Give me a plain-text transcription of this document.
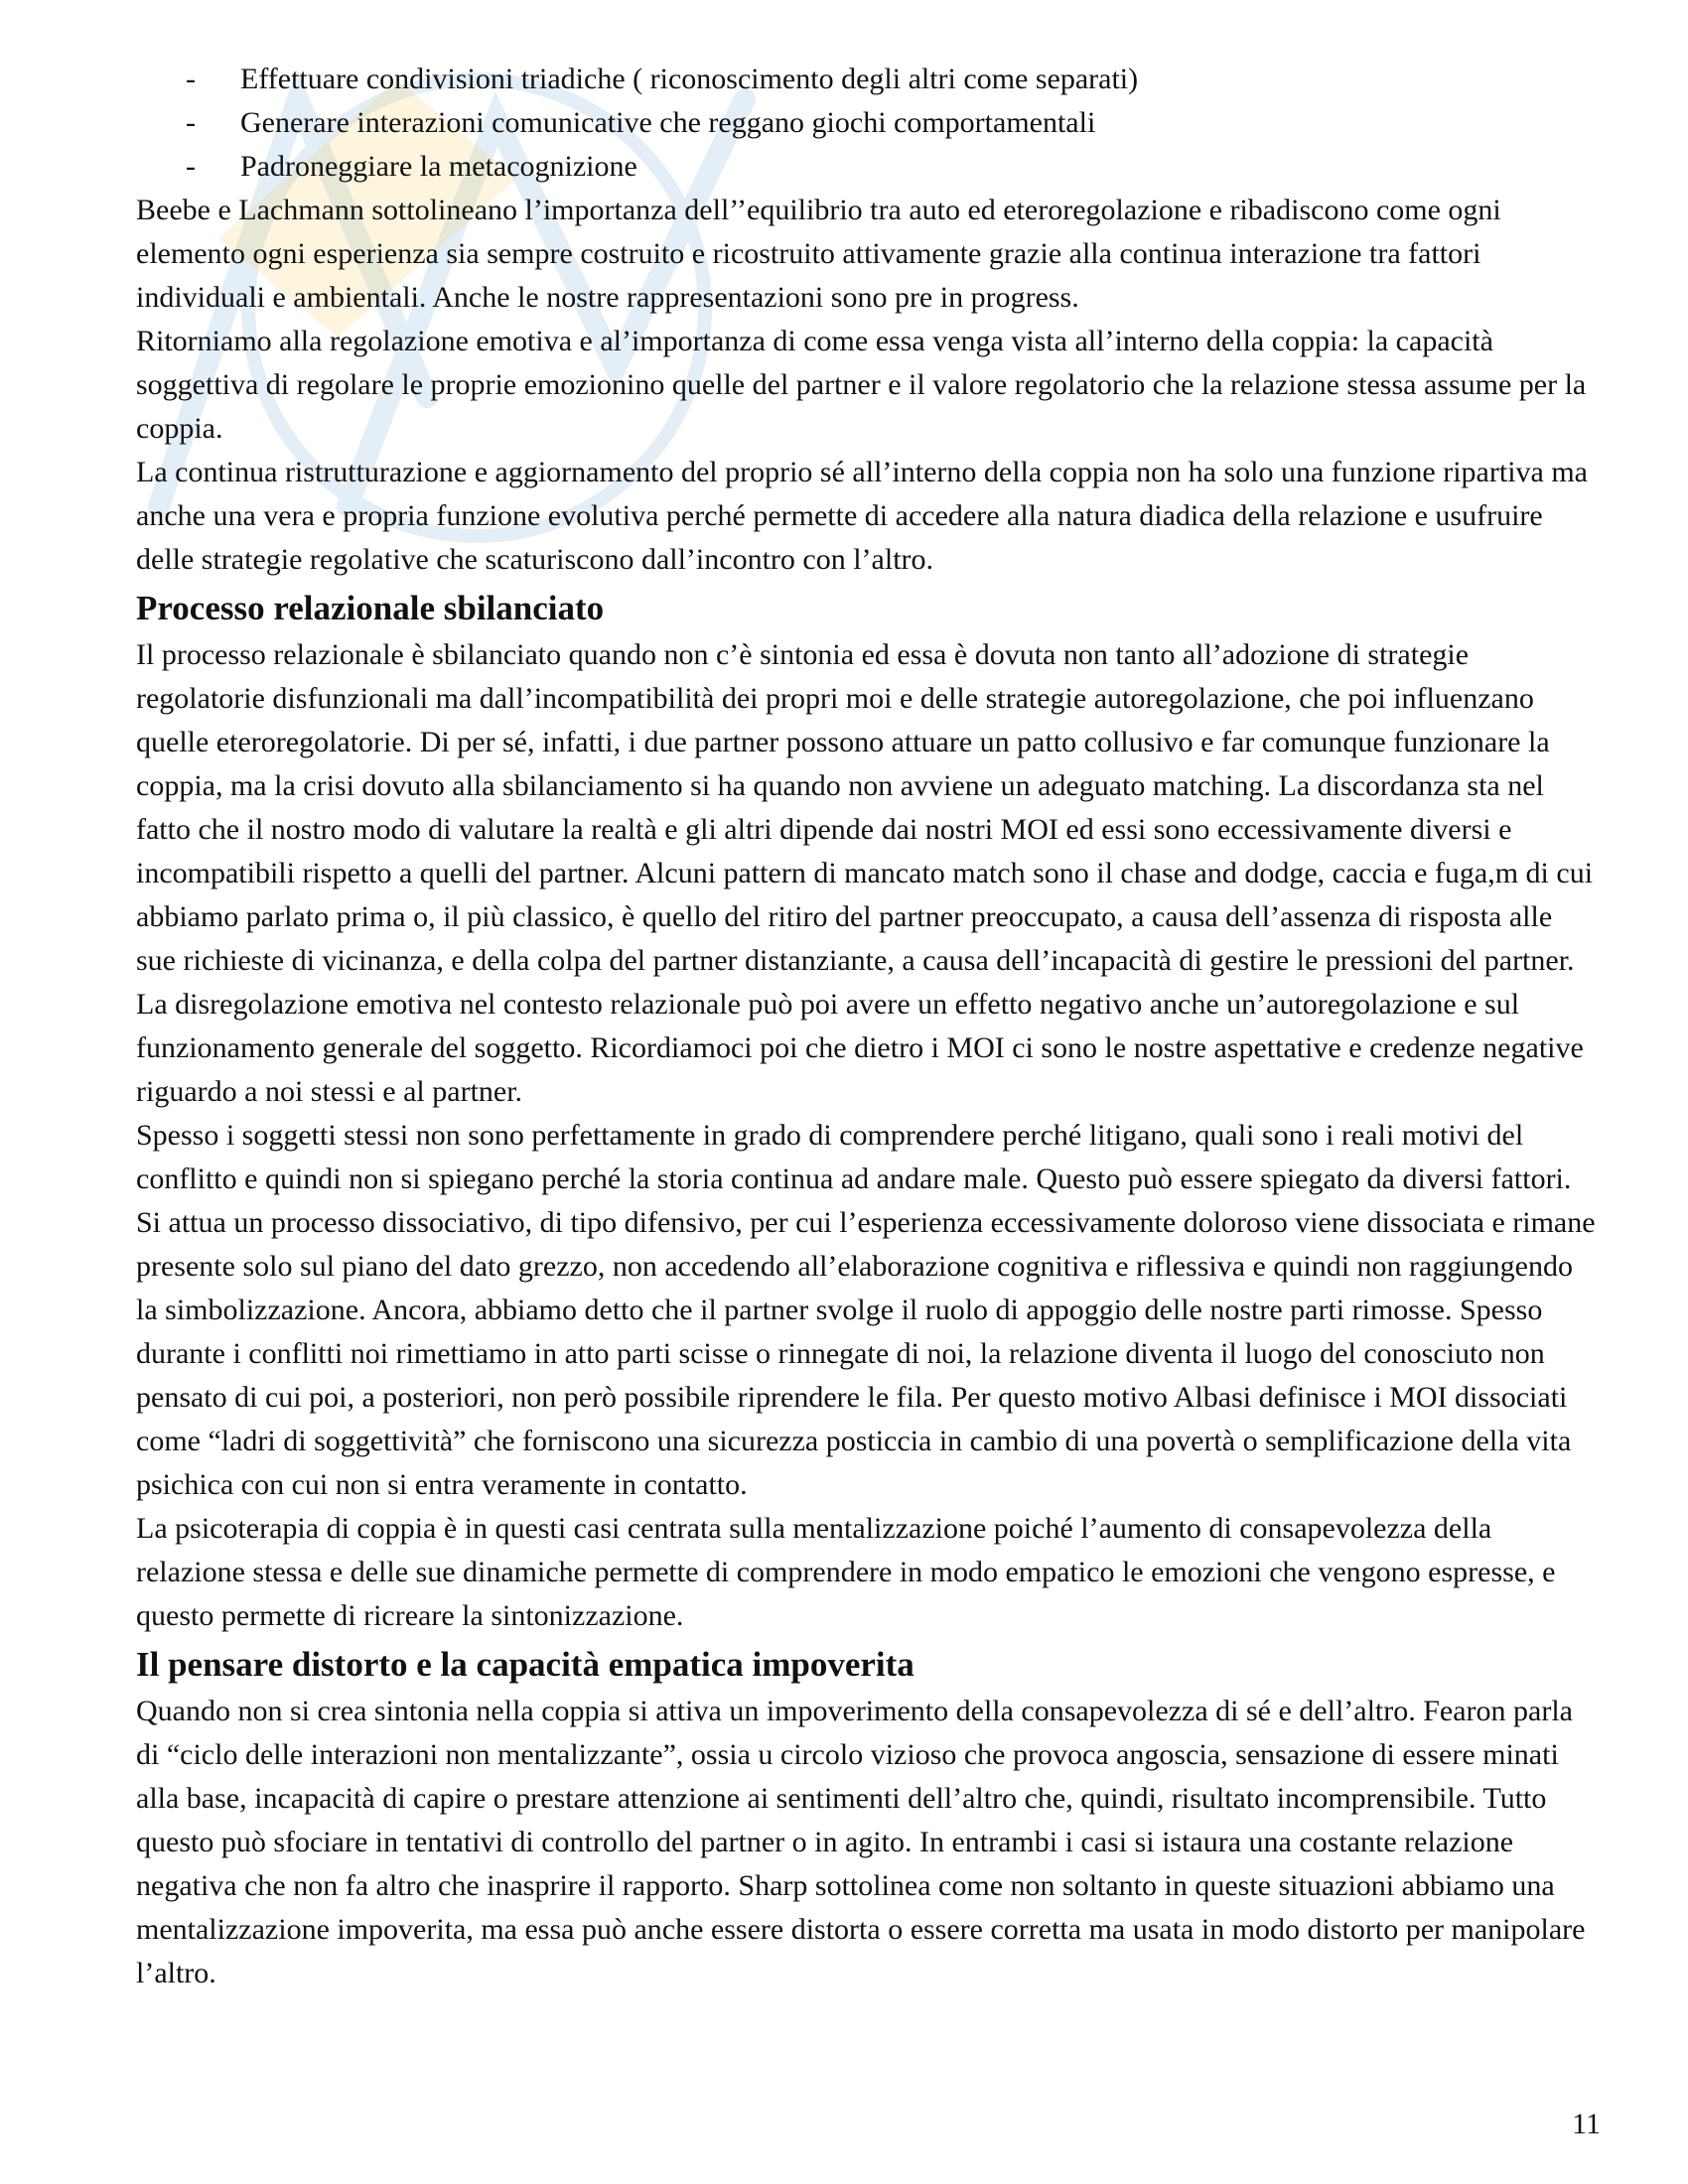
- Effettuare condivisioni triadiche ( riconoscimento degli altri come separati)
- Generare interazioni comunicative che reggano giochi comportamentali
- Padroneggiare la metacognizione

Beebe e Lachmann sottolineano l’importanza dell’’equilibrio tra auto ed eteroregolazione e ribadiscono come ogni elemento ogni esperienza sia sempre costruito e ricostruito attivamente grazie alla continua interazione tra fattori individuali e ambientali. Anche le nostre rappresentazioni sono pre in progress.

Ritorniamo alla regolazione emotiva e al’importanza di come essa venga vista all’interno della coppia: la capacità soggettiva di regolare le proprie emozionino quelle del partner e il valore regolatorio che la relazione stessa assume per la coppia.

La continua ristrutturazione e aggiornamento del proprio sé all’interno della coppia non ha solo una funzione ripartiva ma anche una vera e propria funzione evolutiva perché permette di accedere alla natura diadica della relazione e usufruire delle strategie regolative che scaturiscono dall’incontro con l’altro.

Processo relazionale sbilanciato

Il processo relazionale è sbilanciato quando non c’è sintonia ed essa è dovuta non tanto all’adozione di strategie regolatorie disfunzionali ma dall’incompatibilità dei propri moi e delle strategie autoregolazione, che poi influenzano quelle eteroregolatorie. Di per sé, infatti, i due partner possono attuare un patto collusivo e far comunque funzionare la coppia, ma la crisi dovuto alla sbilanciamento si ha quando non avviene un adeguato matching. La discordanza sta nel fatto che il nostro modo di valutare la realtà e gli altri dipende dai nostri MOI ed essi sono eccessivamente diversi e incompatibili rispetto a quelli del partner. Alcuni pattern di mancato match sono il chase and dodge, caccia e fuga,m di cui abbiamo parlato prima o, il più classico, è quello del ritiro del partner preoccupato, a causa dell’assenza di risposta alle sue richieste di vicinanza, e della colpa del partner distanziante, a causa dell’incapacità di gestire le pressioni del partner.

La disregolazione emotiva nel contesto relazionale può poi avere un effetto negativo anche un’autoregolazione e sul funzionamento generale del soggetto. Ricordiamoci poi che dietro i MOI ci sono le nostre aspettative e credenze negative riguardo a noi stessi e al partner.

Spesso i soggetti stessi non sono perfettamente in grado di comprendere perché litigano, quali sono i reali motivi del conflitto e quindi non si spiegano perché la storia continua ad andare male. Questo può essere spiegato da diversi fattori. Si attua un processo dissociativo, di tipo difensivo, per cui l’esperienza eccessivamente doloroso viene dissociata e rimane presente solo sul piano del dato grezzo, non accedendo all’elaborazione cognitiva e riflessiva e quindi non raggiungendo la simbolizzazione. Ancora, abbiamo detto che il partner svolge il ruolo di appoggio delle nostre parti rimosse. Spesso durante i conflitti noi rimettiamo in atto parti scisse o rinnegate di noi, la relazione diventa il luogo del conosciuto non pensato di cui poi, a posteriori, non però possibile riprendere le fila. Per questo motivo Albasi definisce i MOI dissociati come “ladri di soggettività” che forniscono una sicurezza posticcia in cambio di una povertà o semplificazione della vita psichica con cui non si entra veramente in contatto.

La psicoterapia di coppia è in questi casi centrata sulla mentalizzazione poiché l’aumento di consapevolezza della relazione stessa e delle sue dinamiche permette di comprendere in modo empatico le emozioni che vengono espresse, e questo permette di ricreare la sintonizzazione.

Il pensare distorto e la capacità empatica impoverita

Quando non si crea sintonia nella coppia si attiva un impoverimento della consapevolezza di sé e dell’altro. Fearon parla di “ciclo delle interazioni non mentalizzante”, ossia u circolo vizioso che provoca angoscia, sensazione di essere minati alla base, incapacità di capire o prestare attenzione ai sentimenti dell’altro che, quindi, risultato incomprensibile. Tutto questo può sfociare in tentativi di controllo del partner o in agito. In entrambi i casi si istaura una costante relazione negativa che non fa altro che inasprire il rapporto. Sharp sottolinea come non soltanto in queste situazioni abbiamo una mentalizzazione impoverita, ma essa può anche essere distorta o essere corretta ma usata in modo distorto per manipolare l’altro.

11
